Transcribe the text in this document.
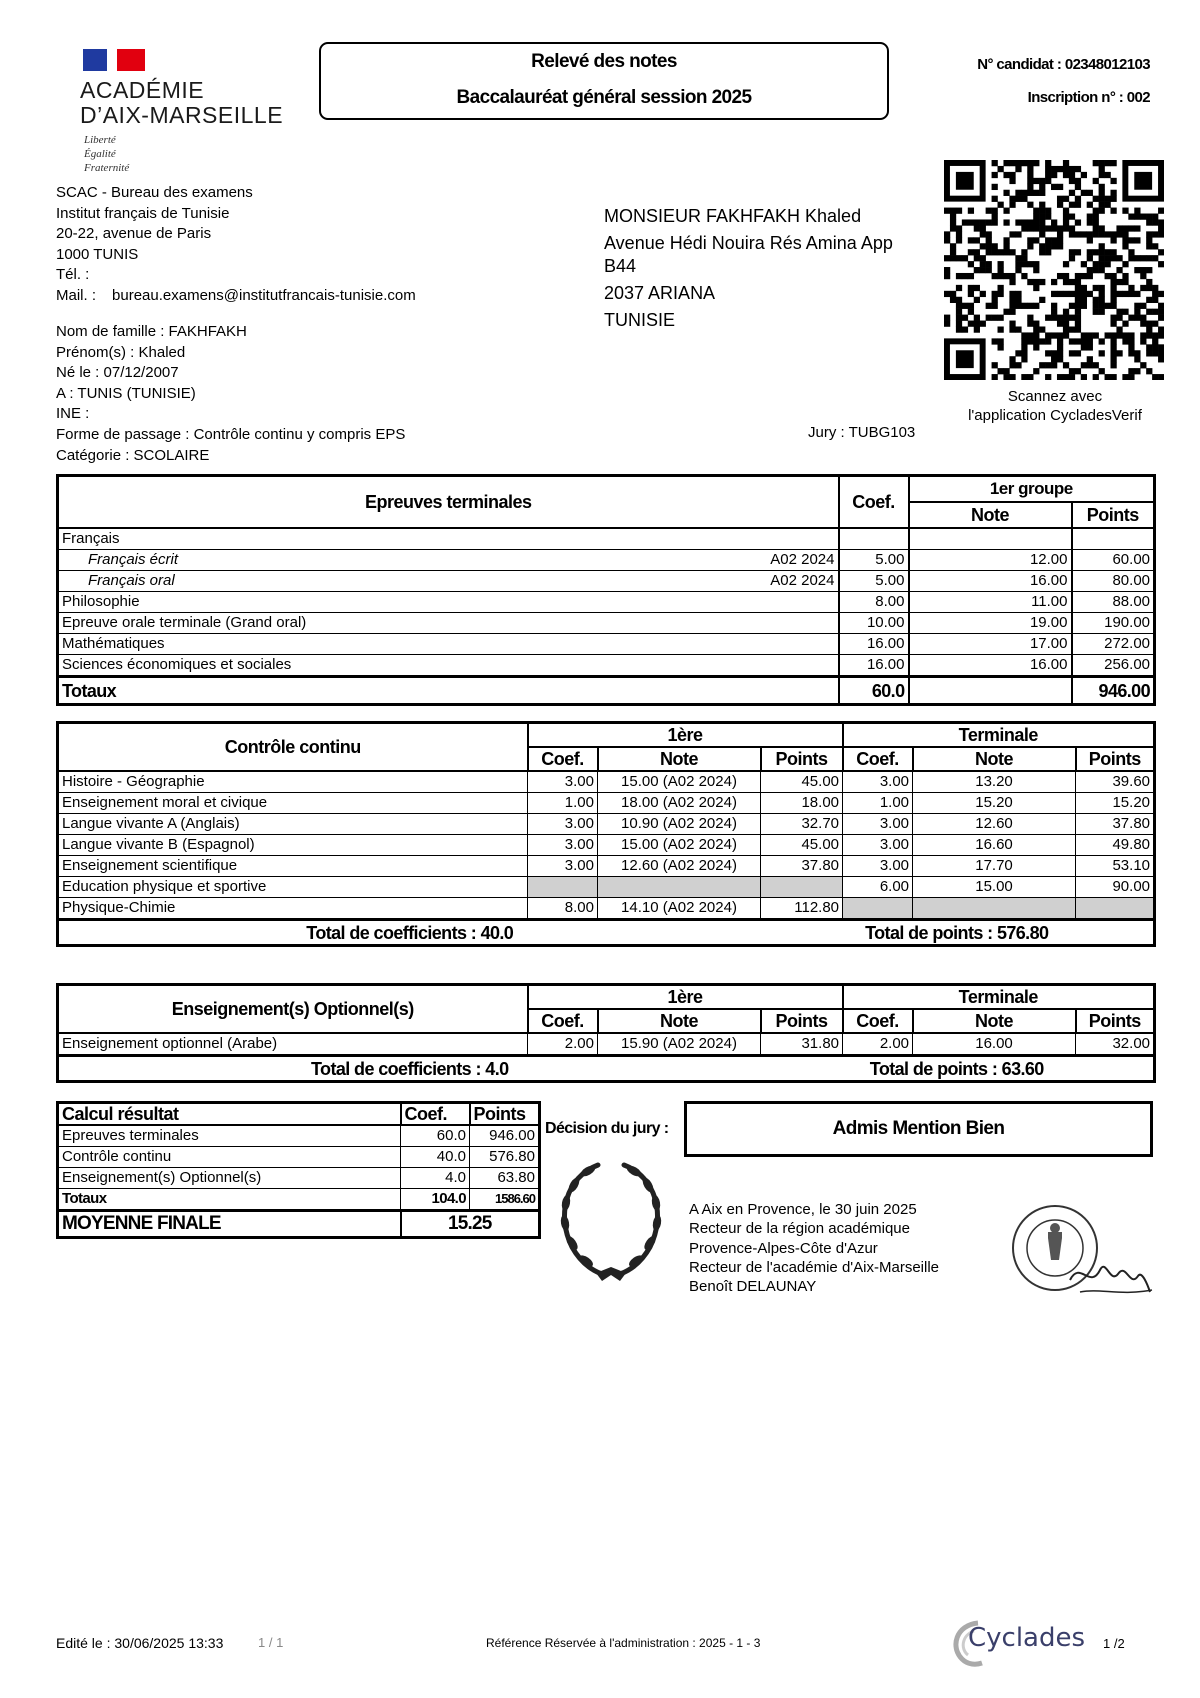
ACADÉMIE
D’AIX-MARSEILLE
Liberté
Égalité
Fraternité
Relevé des notes
Baccalauréat général session 2025
N° candidat : 02348012103
Inscription n° : 002
Scannez avec
l'application CycladesVerif
SCAC - Bureau des examens
Institut français de Tunisie
20-22, avenue de Paris
1000 TUNIS
Tél. :
Mail. : bureau.examens@institutfrancais-tunisie.com
MONSIEUR FAKHFAKH Khaled
Avenue Hédi Nouira Rés Amina App B44
2037 ARIANA
TUNISIE
Nom de famille : FAKHFAKH
Prénom(s) : Khaled
Né le : 07/12/2007
A : TUNIS (TUNISIE)
INE :
Forme de passage : Contrôle continu y compris EPS
Catégorie : SCOLAIRE
Jury : TUBG103
Epreuves terminales	Coef.	1er groupe	
		Note	Points
Français

Français écrit A02 2024	5.00	12.00	60.00
Français oral A02 2024	5.00	16.00	80.00
Philosophie	8.00	11.00	88.00
Epreuve orale terminale (Grand oral)	10.00	19.00	190.00
Mathématiques	16.00	17.00	272.00
Sciences économiques et sociales	16.00	16.00	256.00
Totaux	60.0		946.00
Contrôle continu	1ère			Terminale		
	Coef.	Note	Points	Coef.	Note	Points
Histoire - Géographie	3.00	15.00 (A02 2024)	45.00	3.00	13.20	39.60
Enseignement moral et civique	1.00	18.00 (A02 2024)	18.00	1.00	15.20	15.20
Langue vivante A (Anglais)	3.00	10.90 (A02 2024)	32.70	3.00	12.60	37.80
Langue vivante B (Espagnol)	3.00	15.00 (A02 2024)	45.00	3.00	16.60	49.80
Enseignement scientifique	3.00	12.60 (A02 2024)	37.80	3.00	17.70	53.10
Education physique et sportive				6.00	15.00	90.00
Physique-Chimie	8.00	14.10 (A02 2024)	112.80			
Total de coefficients : 40.0			Total de points : 576.80			
Enseignement(s) Optionnel(s)	1ère			Terminale		
	Coef.	Note	Points	Coef.	Note	Points
Enseignement optionnel (Arabe)	2.00	15.90 (A02 2024)	31.80	2.00	16.00	32.00
Total de coefficients : 4.0			Total de points : 63.60			
Calcul résultat	Coef.	Points
Epreuves terminales	60.0	946.00
Contrôle continu	40.0	576.80
Enseignement(s) Optionnel(s)	4.0	63.80
Totaux	104.0	1586.60
MOYENNE FINALE	15.25	
Décision du jury :	Admis Mention Bien
A Aix en Provence, le 30 juin 2025
Recteur de la région académique
Provence-Alpes-Côte d'Azur
Recteur de l'académie d'Aix-Marseille
Benoît DELAUNAY
Edité le : 30/06/2025 13:33	1 / 1	Référence Réservée à l'administration : 2025 - 1 - 3	Cyclades 1 /2
